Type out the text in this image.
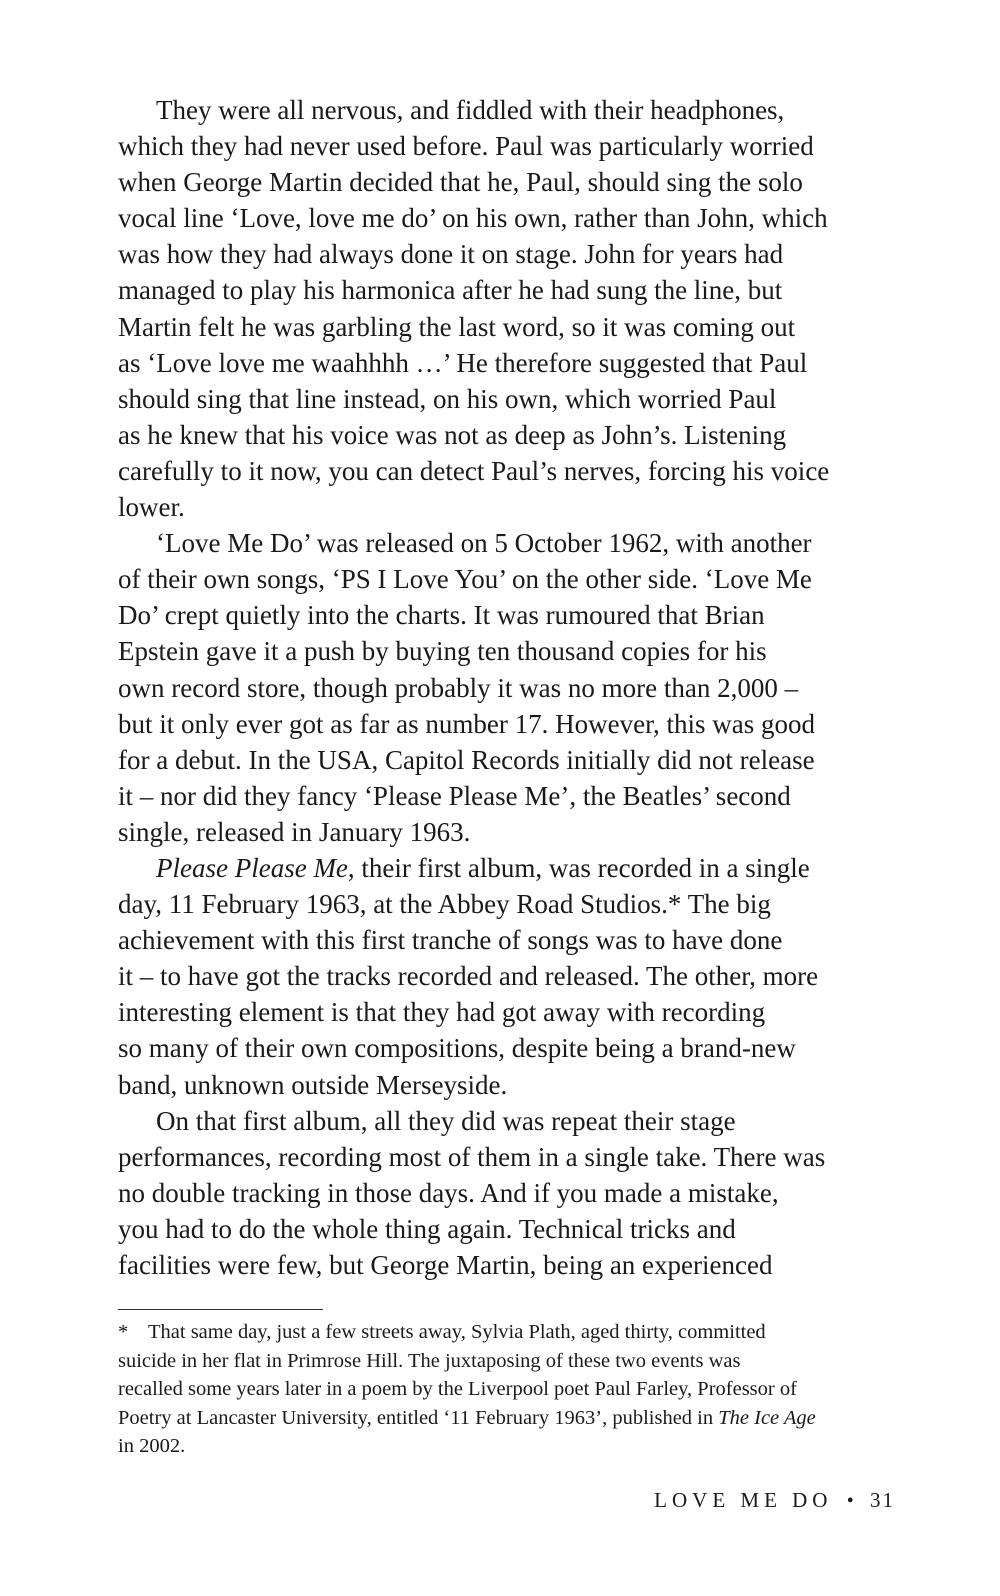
They were all nervous, and fiddled with their headphones,
which they had never used before. Paul was particularly worried
when George Martin decided that he, Paul, should sing the solo
vocal line ‘Love, love me do’ on his own, rather than John, which
was how they had always done it on stage. John for years had
managed to play his harmonica after he had sung the line, but
Martin felt he was garbling the last word, so it was coming out
as ‘Love love me waahhhh …’ He therefore suggested that Paul
should sing that line instead, on his own, which worried Paul
as he knew that his voice was not as deep as John’s. Listening
carefully to it now, you can detect Paul’s nerves, forcing his voice
lower.

‘Love Me Do’ was released on 5 October 1962, with another
of their own songs, ‘PS I Love You’ on the other side. ‘Love Me
Do’ crept quietly into the charts. It was rumoured that Brian
Epstein gave it a push by buying ten thousand copies for his
own record store, though probably it was no more than 2,000 –
but it only ever got as far as number 17. However, this was good
for a debut. In the USA, Capitol Records initially did not release
it – nor did they fancy ‘Please Please Me’, the Beatles’ second
single, released in January 1963.

Please Please Me, their first album, was recorded in a single
day, 11 February 1963, at the Abbey Road Studios.* The big
achievement with this first tranche of songs was to have done
it – to have got the tracks recorded and released. The other, more
interesting element is that they had got away with recording
so many of their own compositions, despite being a brand-new
band, unknown outside Merseyside.

On that first album, all they did was repeat their stage
performances, recording most of them in a single take. There was
no double tracking in those days. And if you made a mistake,
you had to do the whole thing again. Technical tricks and
facilities were few, but George Martin, being an experienced

* That same day, just a few streets away, Sylvia Plath, aged thirty, committed
suicide in her flat in Primrose Hill. The juxtaposing of these two events was
recalled some years later in a poem by the Liverpool poet Paul Farley, Professor of
Poetry at Lancaster University, entitled ‘11 February 1963’, published in The Ice Age
in 2002.
LOVE ME DO • 31
